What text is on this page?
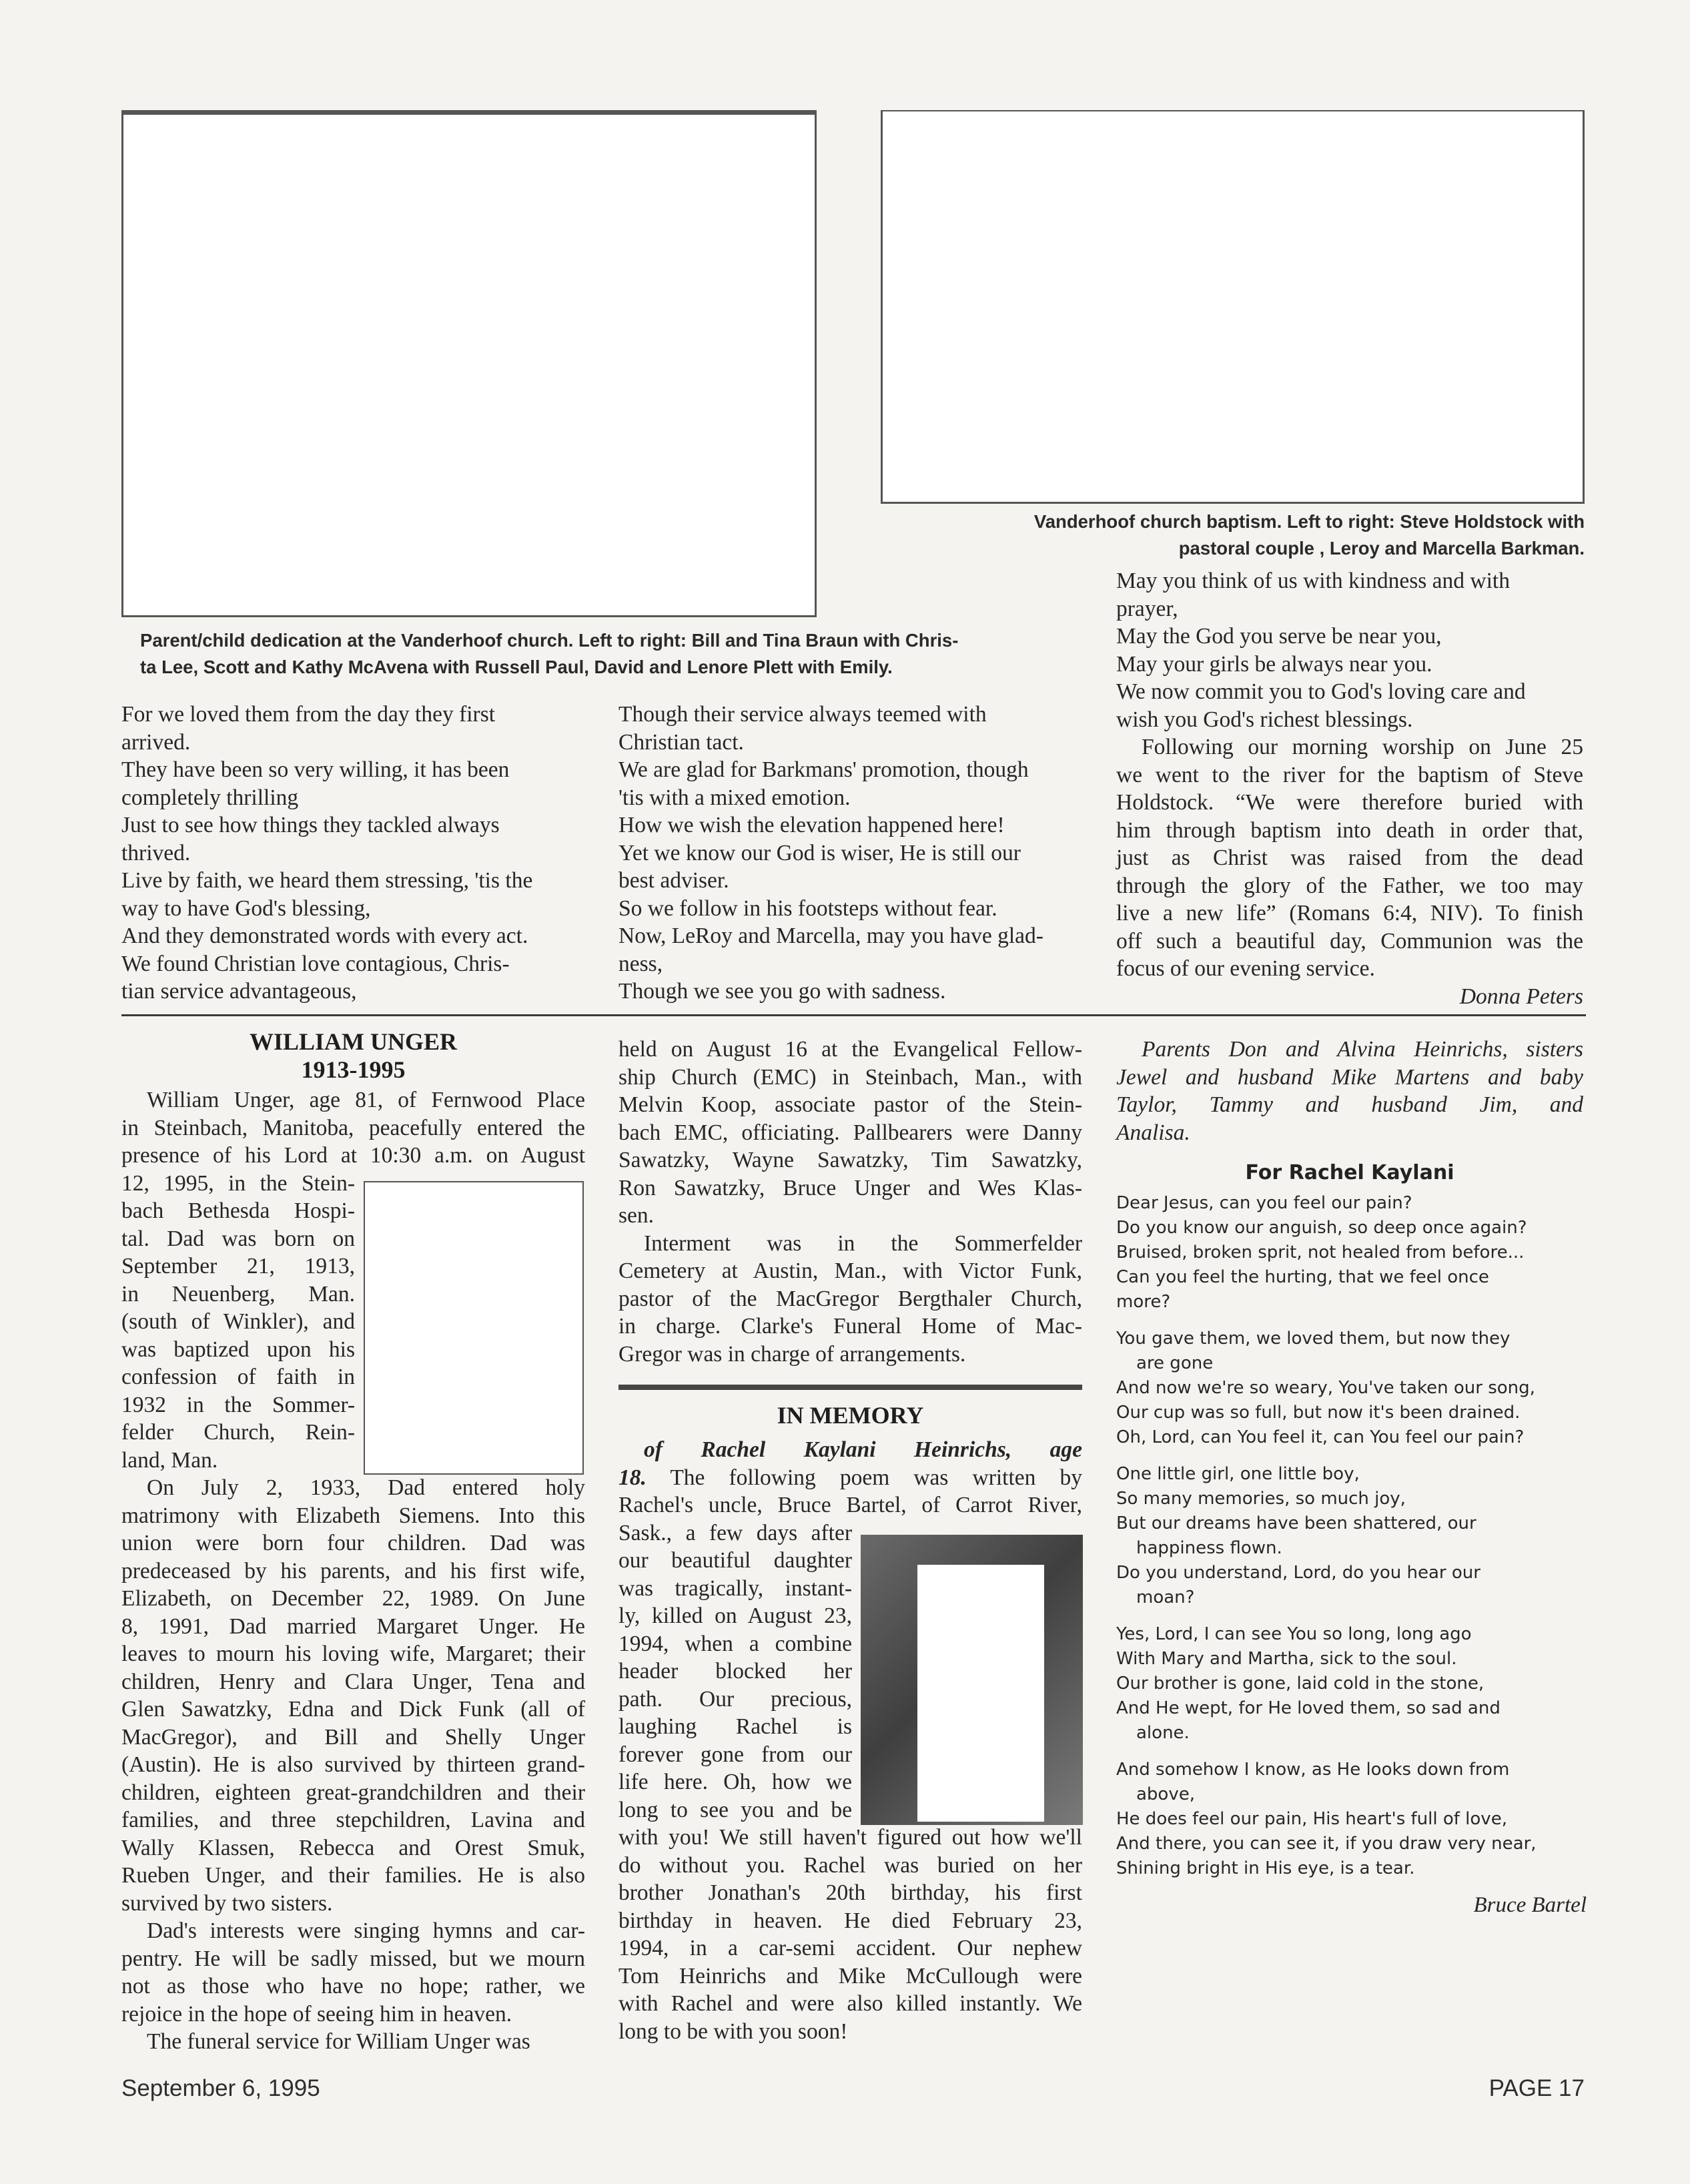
Vanderhoof church baptism. Left to right: Steve Holdstock with

pastoral couple , Leroy and Marcella Barkman.

Parent/child dedication at the Vanderhoof church. Left to right: Bill and Tina Braun with Chris-

ta Lee, Scott and Kathy McAvena with Russell Paul, David and Lenore Plett with Emily.

For we loved them from the day they first

arrived.

They have been so very willing, it has been

completely thrilling

Just to see how things they tackled always

thrived.

Live by faith, we heard them stressing, 'tis the

way to have God's blessing,

And they demonstrated words with every act.

We found Christian love contagious, Chris-

tian service advantageous,

Though their service always teemed with

Christian tact.

We are glad for Barkmans' promotion, though

'tis with a mixed emotion.

How we wish the elevation happened here!

Yet we know our God is wiser, He is still our

best adviser.

So we follow in his footsteps without fear.

Now, LeRoy and Marcella, may you have glad-

ness,

Though we see you go with sadness.

May you think of us with kindness and with

prayer,

May the God you serve be near you,

May your girls be always near you.

We now commit you to God's loving care and

wish you God's richest blessings.

Following our morning worship on June 25

we went to the river for the baptism of Steve

Holdstock. “We were therefore buried with

him through baptism into death in order that,

just as Christ was raised from the dead

through the glory of the Father, we too may

live a new life” (Romans 6:4, NIV). To finish

off such a beautiful day, Communion was the

focus of our evening service.

Donna Peters

WILLIAM UNGER
1913-1995

William Unger, age 81, of Fernwood Place

in Steinbach, Manitoba, peacefully entered the

presence of his Lord at 10:30 a.m. on August

12, 1995, in the Stein-

bach Bethesda Hospi-

tal. Dad was born on

September 21, 1913,

in Neuenberg, Man.

(south of Winkler), and

was baptized upon his

confession of faith in

1932 in the Sommer-

felder Church, Rein-

land, Man.

On July 2, 1933, Dad entered holy

matrimony with Elizabeth Siemens. Into this

union were born four children. Dad was

predeceased by his parents, and his first wife,

Elizabeth, on December 22, 1989. On June

8, 1991, Dad married Margaret Unger. He

leaves to mourn his loving wife, Margaret; their

children, Henry and Clara Unger, Tena and

Glen Sawatzky, Edna and Dick Funk (all of

MacGregor), and Bill and Shelly Unger

(Austin). He is also survived by thirteen grand-

children, eighteen great-grandchildren and their

families, and three stepchildren, Lavina and

Wally Klassen, Rebecca and Orest Smuk,

Rueben Unger, and their families. He is also

survived by two sisters.

Dad's interests were singing hymns and car-

pentry. He will be sadly missed, but we mourn

not as those who have no hope; rather, we

rejoice in the hope of seeing him in heaven.

The funeral service for William Unger was

held on August 16 at the Evangelical Fellow-

ship Church (EMC) in Steinbach, Man., with

Melvin Koop, associate pastor of the Stein-

bach EMC, officiating. Pallbearers were Danny

Sawatzky, Wayne Sawatzky, Tim Sawatzky,

Ron Sawatzky, Bruce Unger and Wes Klas-

sen.

Interment was in the Sommerfelder

Cemetery at Austin, Man., with Victor Funk,

pastor of the MacGregor Bergthaler Church,

in charge. Clarke's Funeral Home of Mac-

Gregor was in charge of arrangements.

IN MEMORY

of Rachel Kaylani Heinrichs, age

18. The following poem was written by

Rachel's uncle, Bruce Bartel, of Carrot River,

Sask., a few days after

our beautiful daughter

was tragically, instant-

ly, killed on August 23,

1994, when a combine

header blocked her

path. Our precious,

laughing Rachel is

forever gone from our

life here. Oh, how we

long to see you and be

with you! We still haven't figured out how we'll

do without you. Rachel was buried on her

brother Jonathan's 20th birthday, his first

birthday in heaven. He died February 23,

1994, in a car-semi accident. Our nephew

Tom Heinrichs and Mike McCullough were

with Rachel and were also killed instantly. We

long to be with you soon!

Parents Don and Alvina Heinrichs, sisters

Jewel and husband Mike Martens and baby

Taylor, Tammy and husband Jim, and

Analisa.

For Rachel Kaylani

Dear Jesus, can you feel our pain?

Do you know our anguish, so deep once again?

Bruised, broken sprit, not healed from before...

Can you feel the hurting, that we feel once

more?

You gave them, we loved them, but now they

are gone

And now we're so weary, You've taken our song,

Our cup was so full, but now it's been drained.

Oh, Lord, can You feel it, can You feel our pain?

One little girl, one little boy,

So many memories, so much joy,

But our dreams have been shattered, our

happiness flown.

Do you understand, Lord, do you hear our

moan?

Yes, Lord, I can see You so long, long ago

With Mary and Martha, sick to the soul.

Our brother is gone, laid cold in the stone,

And He wept, for He loved them, so sad and

alone.

And somehow I know, as He looks down from

above,

He does feel our pain, His heart's full of love,

And there, you can see it, if you draw very near,

Shining bright in His eye, is a tear.

Bruce Bartel
September 6, 1995	PAGE 17
